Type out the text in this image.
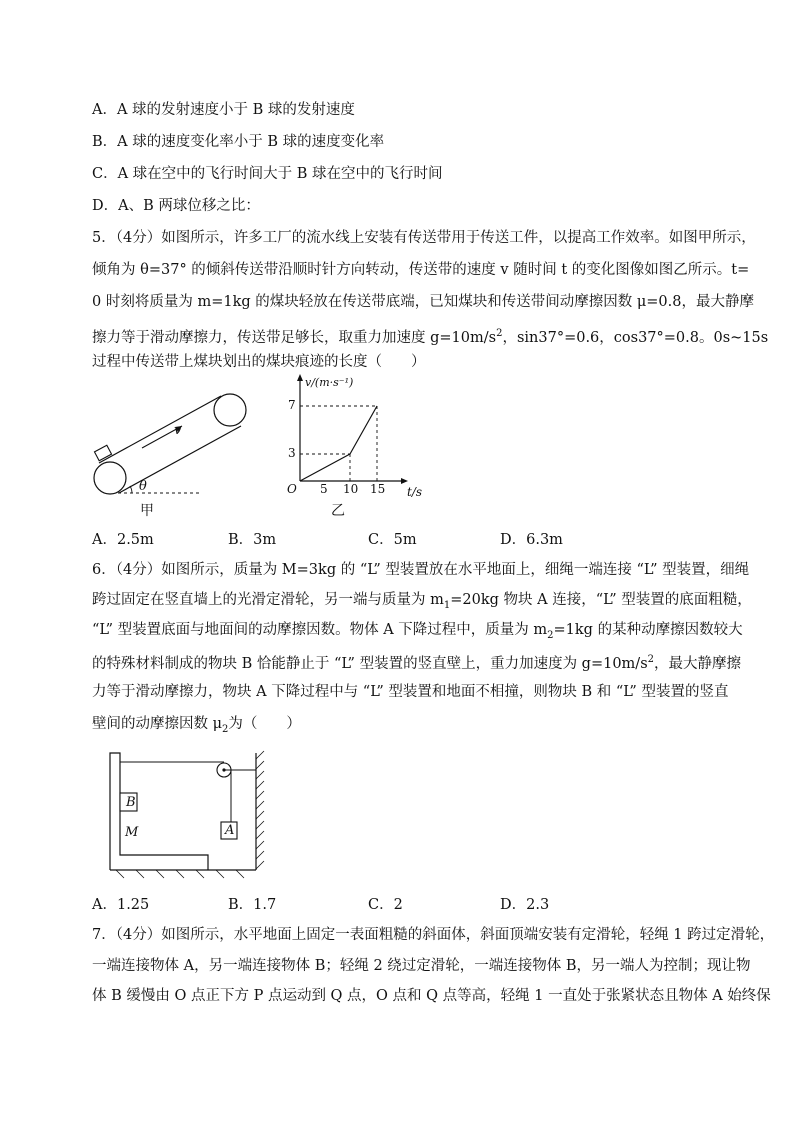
A．A 球的发射速度小于 B 球的发射速度
B．A 球的速度变化率小于 B 球的速度变化率
C．A 球在空中的飞行时间大于 B 球在空中的飞行时间
D．A、B 两球位移之比：
5．（4分）如图所示，许多工厂的流水线上安装有传送带用于传送工件，以提高工作效率。如图甲所示，
倾角为 θ=37° 的倾斜传送带沿顺时针方向转动，传送带的速度 v 随时间 t 的变化图像如图乙所示。t=
0 时刻将质量为 m=1kg 的煤块轻放在传送带底端，已知煤块和传送带间动摩擦因数 μ=0.8，最大静摩
擦力等于滑动摩擦力，传送带足够长，取重力加速度 $g=10m/s^2$，sin37°=0.6，cos37°=0.8。0s~15s
过程中传送带上煤块划出的煤块痕迹的长度（　　）
v
θ
甲
v/(m·s⁻¹)
t/s
O
3
7
5 10 15
乙
A．2.5m	B．3m	C．5m	D．6.3m
6．（4分）如图所示，质量为 M=3kg 的 “L” 型装置放在水平地面上，细绳一端连接 “L” 型装置，细绳
跨过固定在竖直墙上的光滑定滑轮，另一端与质量为 $m_1=20kg$ 物块 A 连接，“L” 型装置的底面粗糙，
“L” 型装置底面与地面间的动摩擦因数。物体 A 下降过程中，质量为 $m_2=1kg$ 的某种动摩擦因数较大
的特殊材料制成的物块 B 恰能静止于 “L” 型装置的竖直壁上，重力加速度为 $g=10m/s^2$，最大静摩擦
力等于滑动摩擦力，物块 A 下降过程中与 “L” 型装置和地面不相撞，则物块 B 和 “L” 型装置的竖直
壁间的动摩擦因数 $\mu_2$为（　　）
B
M	A
A．1.25	B．1.7	C．2	D．2.3
7．（4分）如图所示，水平地面上固定一表面粗糙的斜面体，斜面顶端安装有定滑轮，轻绳 1 跨过定滑轮，
一端连接物体 A，另一端连接物体 B；轻绳 2 绕过定滑轮，一端连接物体 B，另一端人为控制；现让物
体 B 缓慢由 O 点正下方 P 点运动到 Q 点，O 点和 Q 点等高，轻绳 1 一直处于张紧状态且物体 A 始终保
